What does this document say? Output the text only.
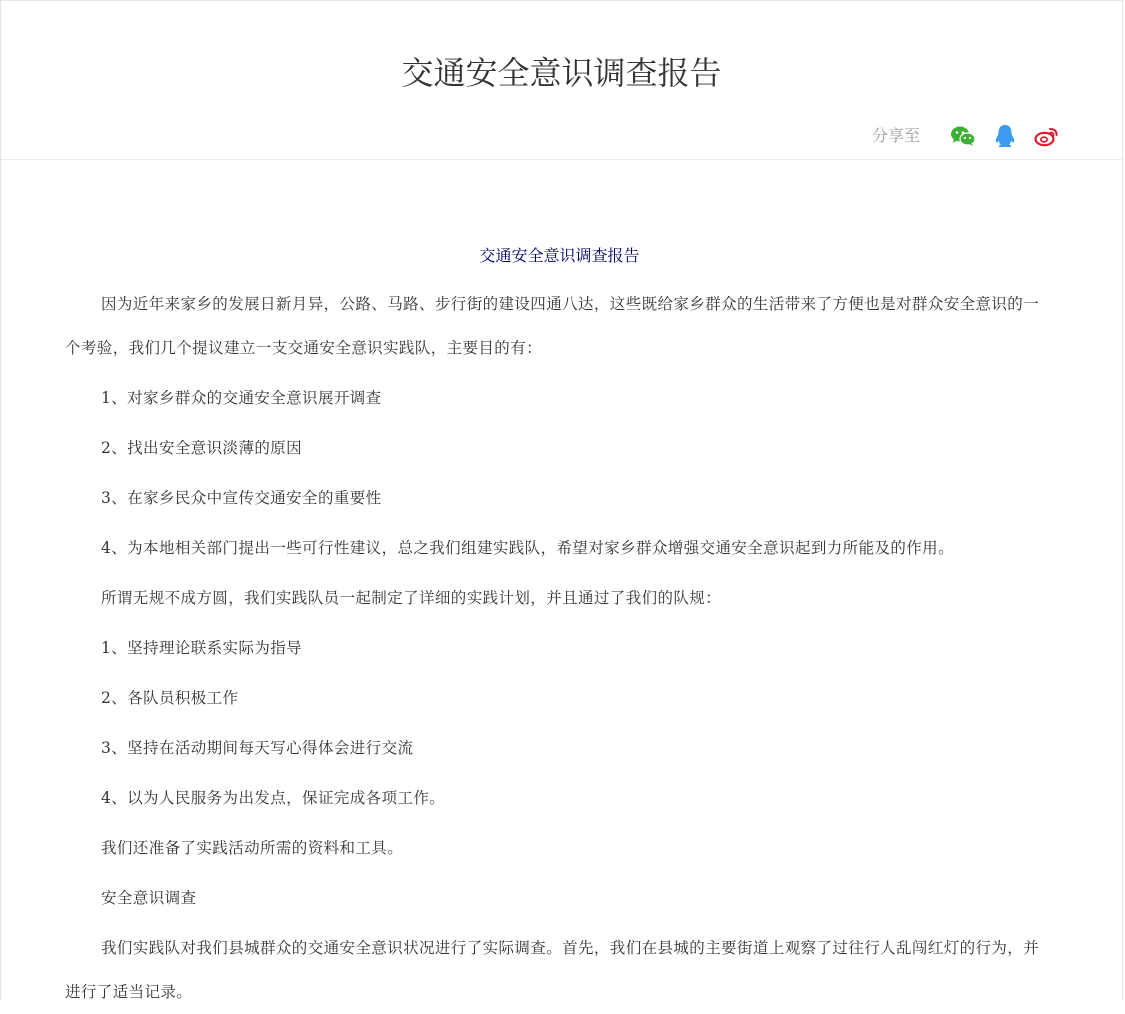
交通安全意识调查报告
分享至
交通安全意识调查报告

因为近年来家乡的发展日新月异，公路、马路、步行街的建设四通八达，这些既给家乡群众的生活带来了方便也是对群众安全意识的一个考验，我们几个提议建立一支交通安全意识实践队，主要目的有：

1、对家乡群众的交通安全意识展开调查

2、找出安全意识淡薄的原因

3、在家乡民众中宣传交通安全的重要性

4、为本地相关部门提出一些可行性建议，总之我们组建实践队，希望对家乡群众增强交通安全意识起到力所能及的作用。

所谓无规不成方圆，我们实践队员一起制定了详细的实践计划，并且通过了我们的队规：

1、坚持理论联系实际为指导

2、各队员积极工作

3、坚持在活动期间每天写心得体会进行交流

4、以为人民服务为出发点，保证完成各项工作。

我们还准备了实践活动所需的资料和工具。

安全意识调查

我们实践队对我们县城群众的交通安全意识状况进行了实际调查。首先，我们在县城的主要街道上观察了过往行人乱闯红灯的行为，并进行了适当记录。
